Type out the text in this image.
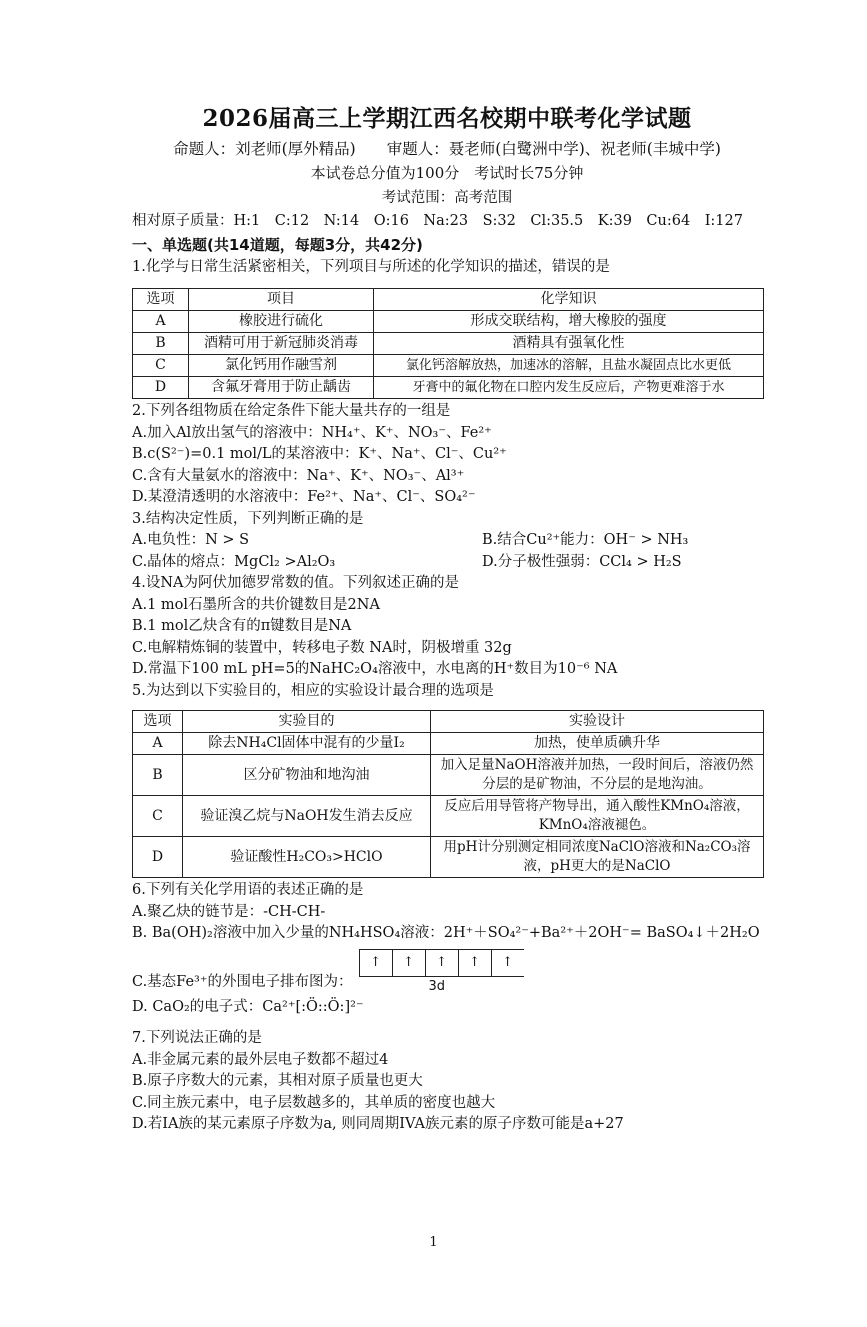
2026届高三上学期江西名校期中联考化学试题
命题人：刘老师(厚外精品)　　审题人：聂老师(白鹭洲中学)、祝老师(丰城中学)
本试卷总分值为100分　考试时长75分钟
考试范围：高考范围
相对原子质量：H:1　C:12　N:14　O:16　Na:23　S:32　Cl:35.5　K:39　Cu:64　I:127
一、单选题(共14道题，每题3分，共42分)
1.化学与日常生活紧密相关，下列项目与所述的化学知识的描述，错误的是
选项	项目	化学知识
A	橡胶进行硫化	形成交联结构，增大橡胶的强度
B	酒精可用于新冠肺炎消毒	酒精具有强氧化性
C	氯化钙用作融雪剂	氯化钙溶解放热，加速冰的溶解，且盐水凝固点比水更低
D	含氟牙膏用于防止龋齿	牙膏中的氟化物在口腔内发生反应后，产物更难溶于水
2.下列各组物质在给定条件下能大量共存的一组是
A.加入Al放出氢气的溶液中：NH₄⁺、K⁺、NO₃⁻、Fe²⁺
B.c(S²⁻)=0.1 mol/L的某溶液中：K⁺、Na⁺、Cl⁻、Cu²⁺
C.含有大量氨水的溶液中：Na⁺、K⁺、NO₃⁻、Al³⁺
D.某澄清透明的水溶液中：Fe²⁺、Na⁺、Cl⁻、SO₄²⁻
3.结构决定性质，下列判断正确的是
A.电负性：N > S	B.结合Cu²⁺能力：OH⁻ > NH₃
C.晶体的熔点：MgCl₂ >Al₂O₃	D.分子极性强弱：CCl₄ > H₂S
4.设NA为阿伏加德罗常数的值。下列叙述正确的是
A.1 mol石墨所含的共价键数目是2NA
B.1 mol乙炔含有的π键数目是NA
C.电解精炼铜的装置中，转移电子数 NA时，阴极增重 32g
D.常温下100 mL pH=5的NaHC₂O₄溶液中，水电离的H⁺数目为10⁻⁶ NA
5.为达到以下实验目的，相应的实验设计最合理的选项是
选项	实验目的	实验设计
A	除去NH₄Cl固体中混有的少量I₂	加热，使单质碘升华
B	区分矿物油和地沟油	加入足量NaOH溶液并加热，一段时间后，溶液仍然分层的是矿物油，不分层的是地沟油。
C	验证溴乙烷与NaOH发生消去反应	反应后用导管将产物导出，通入酸性KMnO₄溶液，KMnO₄溶液褪色。
D	验证酸性H₂CO₃>HClO	用pH计分别测定相同浓度NaClO溶液和Na₂CO₃溶液，pH更大的是NaClO
6.下列有关化学用语的表述正确的是
A.聚乙炔的链节是：-CH-CH-
B. Ba(OH)₂溶液中加入少量的NH₄HSO₄溶液：2H⁺＋SO₄²⁻+Ba²⁺＋2OH⁻= BaSO₄↓＋2H₂O
C.基态Fe³⁺的外围电子排布图为：
↑	↑	↑	↑	↑
3d
D. CaO₂的电子式：Ca²⁺[:Ö::Ö:]²⁻
7.下列说法正确的是
A.非金属元素的最外层电子数都不超过4
B.原子序数大的元素，其相对原子质量也更大
C.同主族元素中，电子层数越多的，其单质的密度也越大
D.若IA族的某元素原子序数为a, 则同周期IVA族元素的原子序数可能是a+27
1
